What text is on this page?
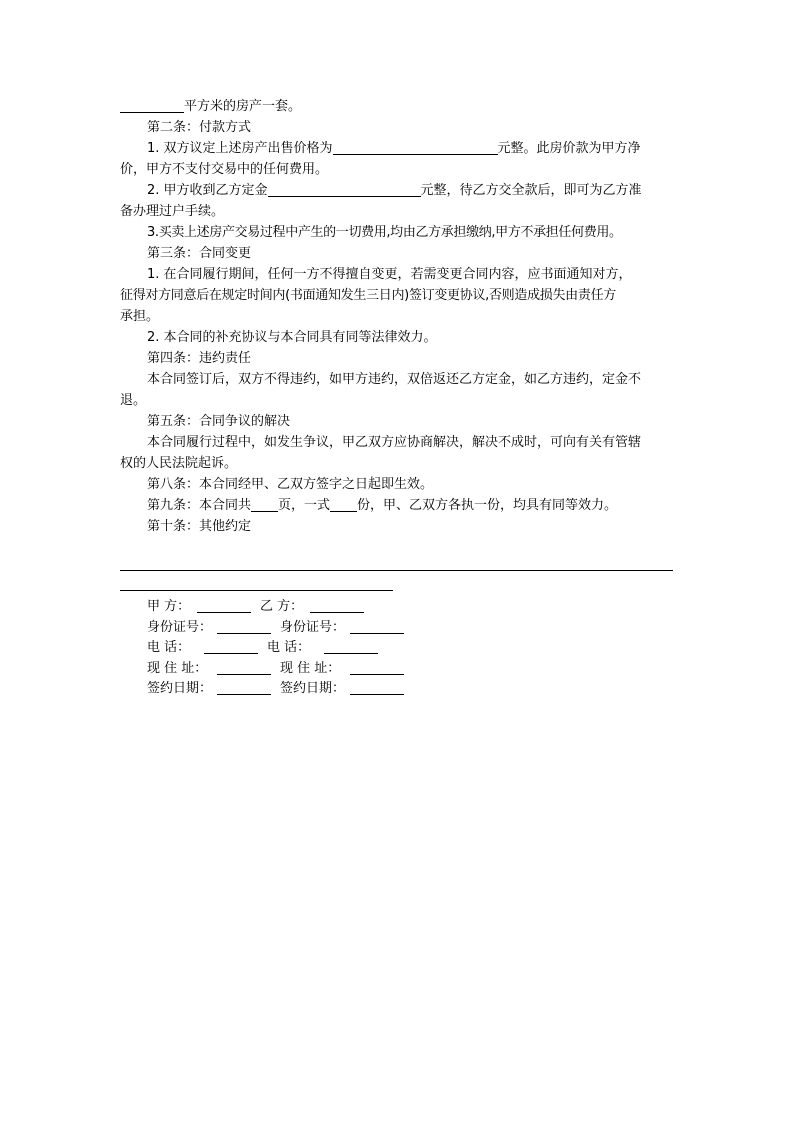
平方米的房产一套。
第二条：付款方式
1. 双方议定上述房产出售价格为	元整。此房价款为甲方净
价，甲方不支付交易中的任何费用。
2. 甲方收到乙方定金	元整，待乙方交全款后，即可为乙方准
备办理过户手续。
3.买卖上述房产交易过程中产生的一切费用,均由乙方承担缴纳,甲方不承担任何费用。
第三条：合同变更
1. 在合同履行期间，任何一方不得擅自变更，若需变更合同内容，应书面通知对方，
征得对方同意后在规定时间内(书面通知发生三日内)签订变更协议,否则造成损失由责任方
承担。
2. 本合同的补充协议与本合同具有同等法律效力。
第四条：违约责任
本合同签订后，双方不得违约，如甲方违约，双倍返还乙方定金，如乙方违约，定金不
退。
第五条：合同争议的解决
本合同履行过程中，如发生争议，甲乙双方应协商解决，解决不成时，可向有关有管辖
权的人民法院起诉。
第八条：本合同经甲、乙双方签字之日起即生效。
第九条：本合同共 页，一式 份，甲、乙双方各执一份，均具有同等效力。
第十条：其他约定
甲 方：	乙 方：
身份证号：	身份证号：
电 话：	电 话：
现 住 址：	现 住 址：
签约日期：	签约日期：
